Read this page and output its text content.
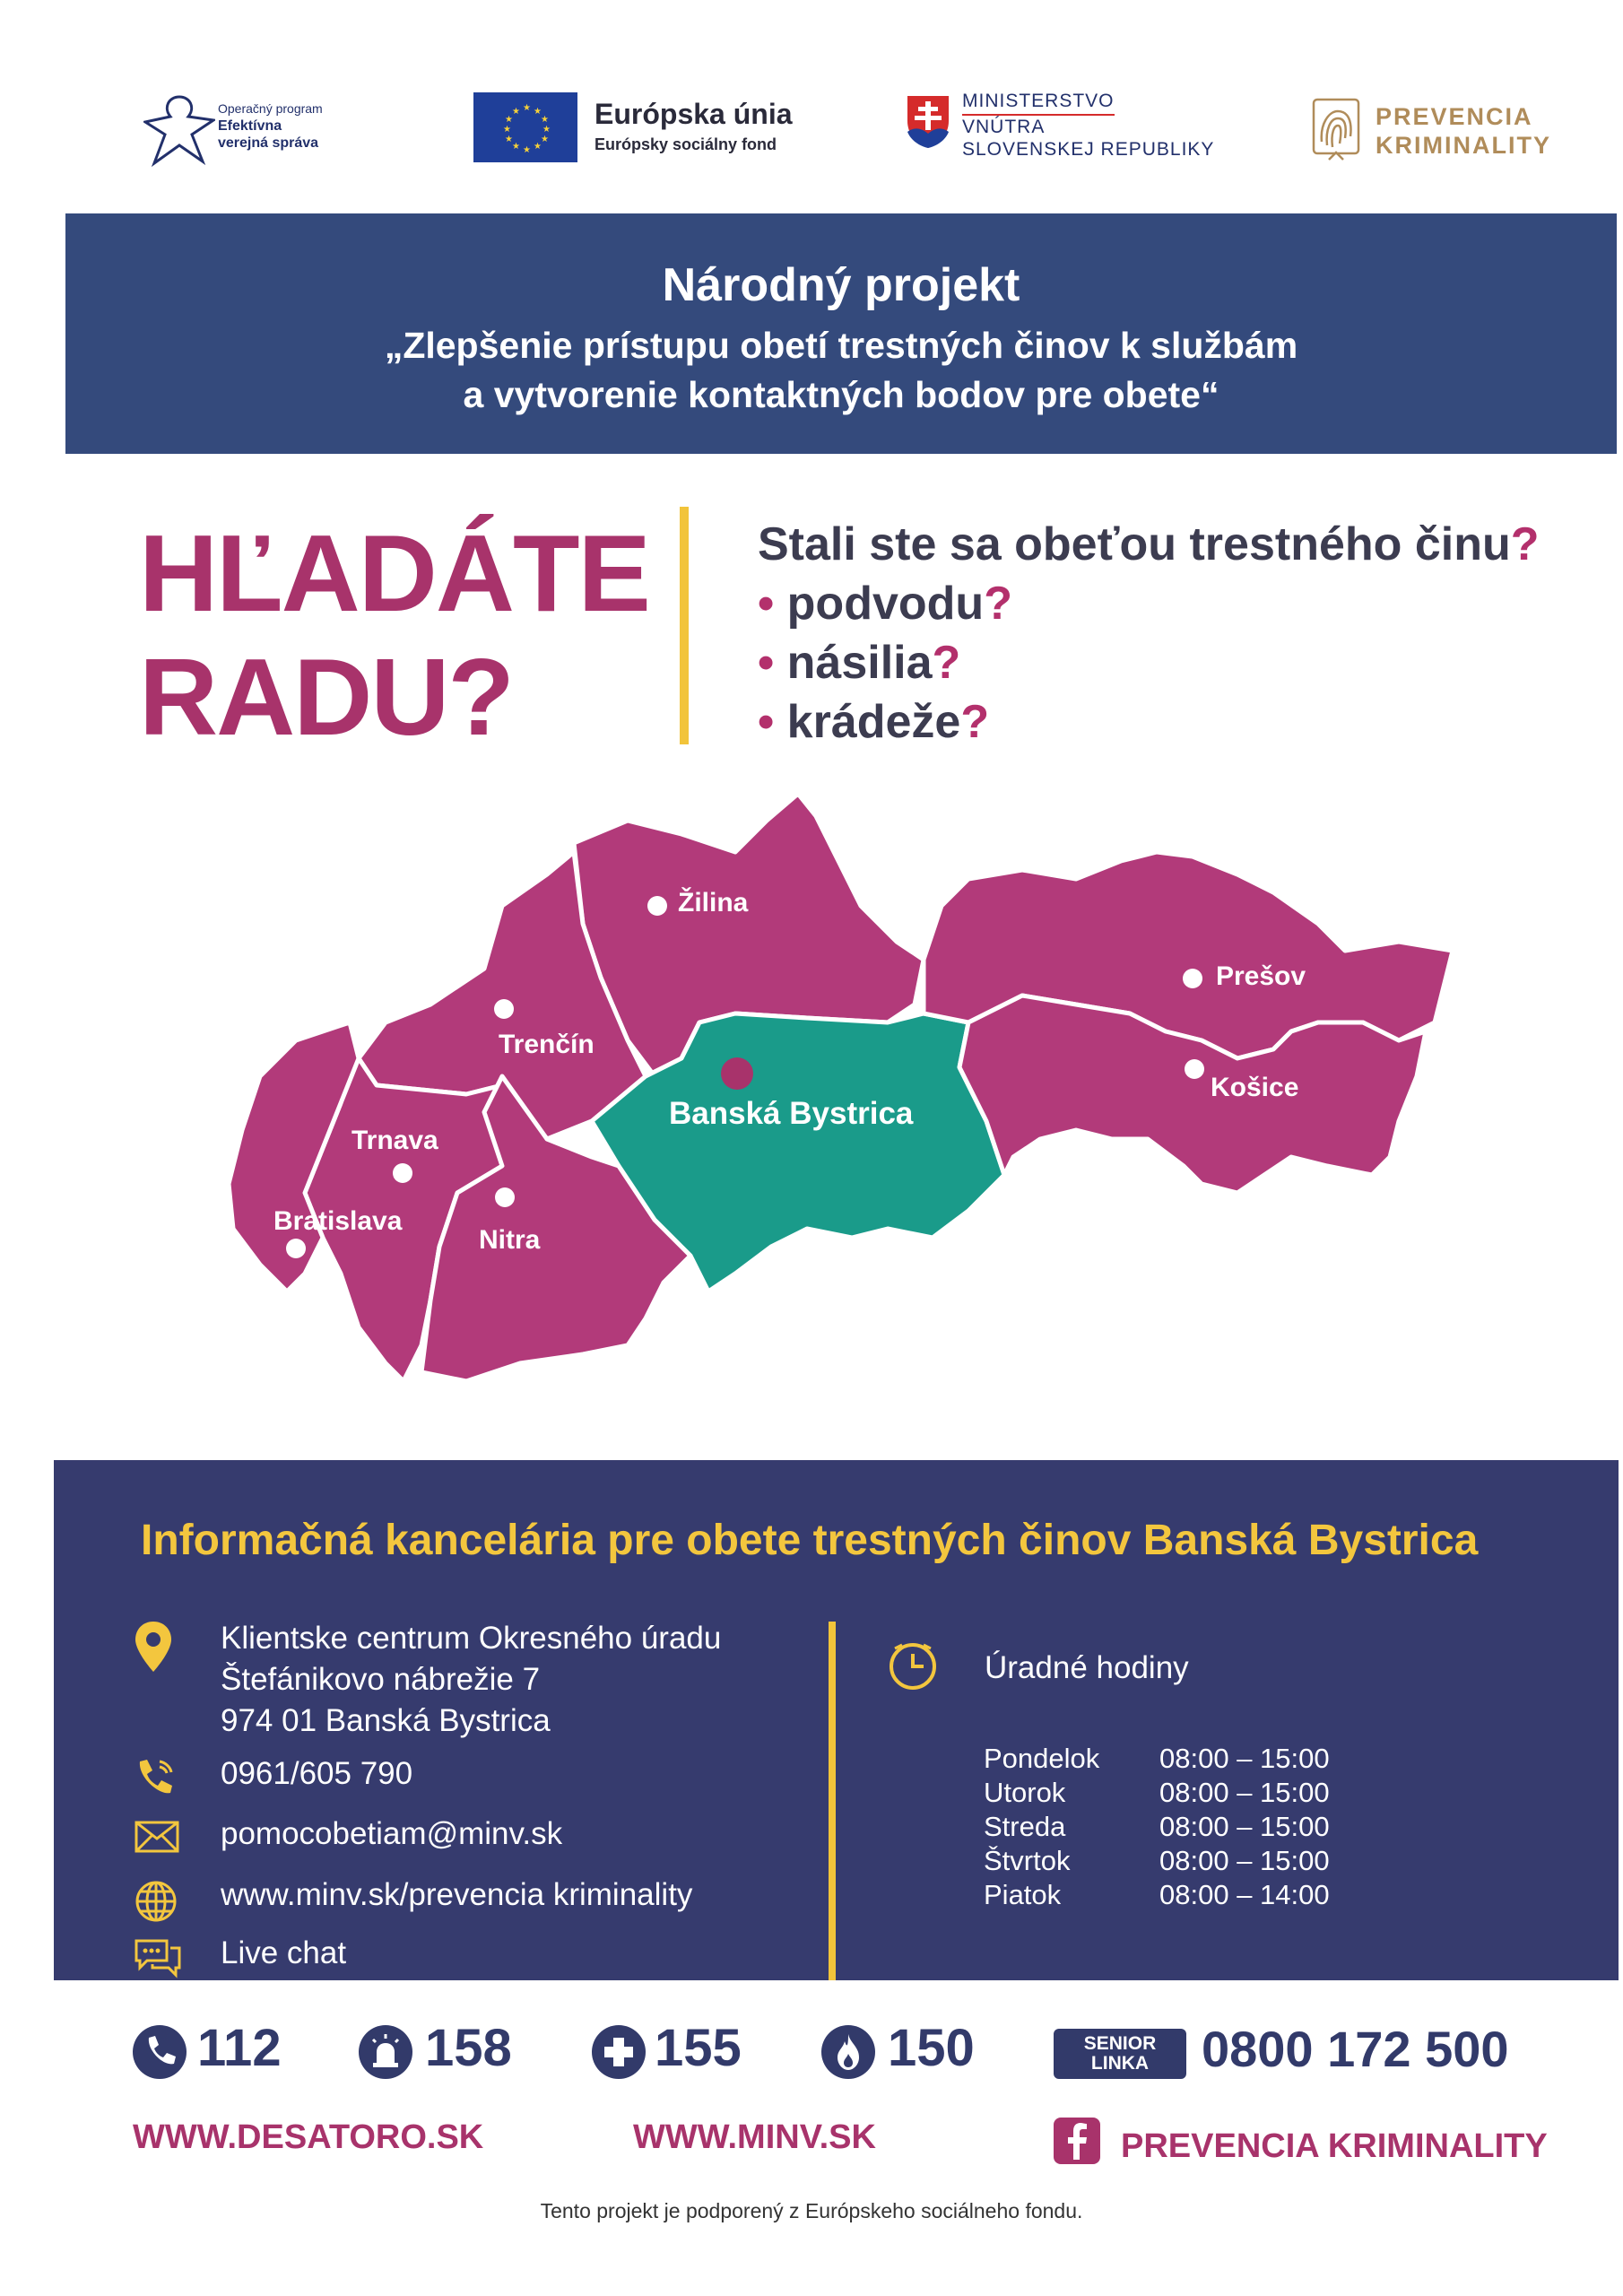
Operačný program
Efektívna
verejná správa
★ ★
★
★
★
★
★
★
★
★
★
★	Európska únia
Európsky sociálny fond
MINISTERSTVO
VNÚTRA
SLOVENSKEJ REPUBLIKY
PREVENCIA
KRIMINALITY
Národný projekt
„Zlepšenie prístupu obetí trestných činov k službám
a vytvorenie kontaktných bodov pre obete“
HĽADÁTE
RADU?
Stali ste sa obeťou trestného činu?
• podvodu?
• násilia?
• krádeže?
Žilina
Prešov
Trenčín
Košice
Banská Bystrica
Trnava
Bratislava
Nitra
Informačná kancelária pre obete trestných činov Banská Bystrica
Klientske centrum Okresného úradu
Štefánikovo nábrežie 7
974 01 Banská Bystrica
0961/605 790
pomocobetiam@minv.sk
www.minv.sk/prevencia kriminality
Live chat
Úradné hodiny
Pondelok	08:00 – 15:00
Utorok	08:00 – 15:00
Streda	08:00 – 15:00
Štvrtok	08:00 – 15:00
Piatok	08:00 – 14:00
112	158	155	150	SENIOR
LINKA	0800 172 500
WWW.DESATORO.SK	WWW.MINV.SK	PREVENCIA KRIMINALITY
Tento projekt je podporený z Európskeho sociálneho fondu.
